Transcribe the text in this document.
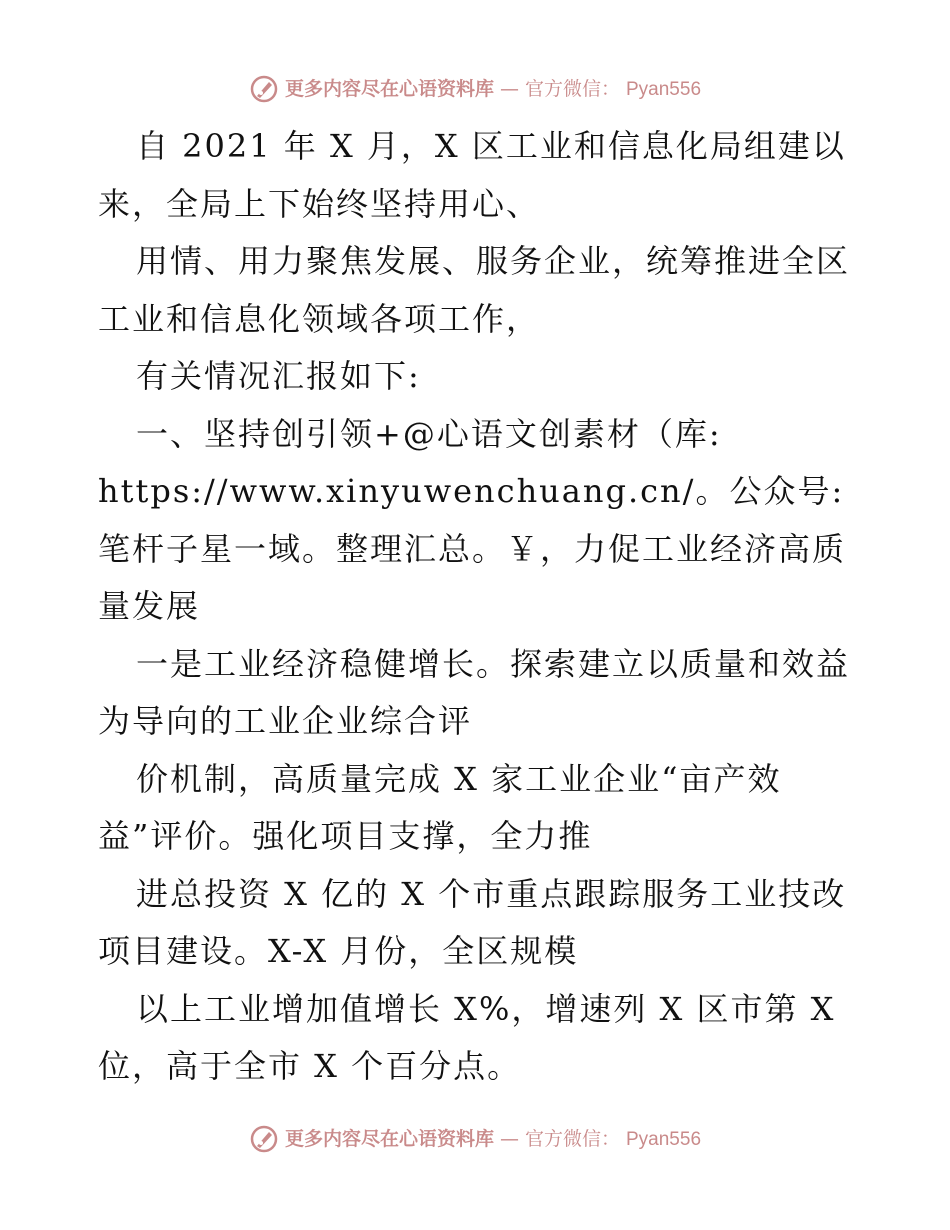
更多内容尽在心语资料库 — 官方微信： Pyan556

自 2021 年 X 月，X 区工业和信息化局组建以来，全局上下始终坚持用心、

用情、用力聚焦发展、服务企业，统筹推进全区工业和信息化领域各项工作，

有关情况汇报如下:

一、坚持创引领+@心语文创素材（库:

https://www.xinyuwenchuang.cn/。公众号: 笔杆子星一域。整理汇总。￥，力促工业经济高质量发展

一是工业经济稳健增长。探索建立以质量和效益为导向的工业企业综合评

价机制，高质量完成 X 家工业企业“亩产效益”评价。强化项目支撑，全力推

进总投资 X 亿的 X 个市重点跟踪服务工业技改项目建设。X-X 月份，全区规模

以上工业增加值增长 X%，增速列 X 区市第 X 位，高于全市 X 个百分点。

更多内容尽在心语资料库 — 官方微信： Pyan556
